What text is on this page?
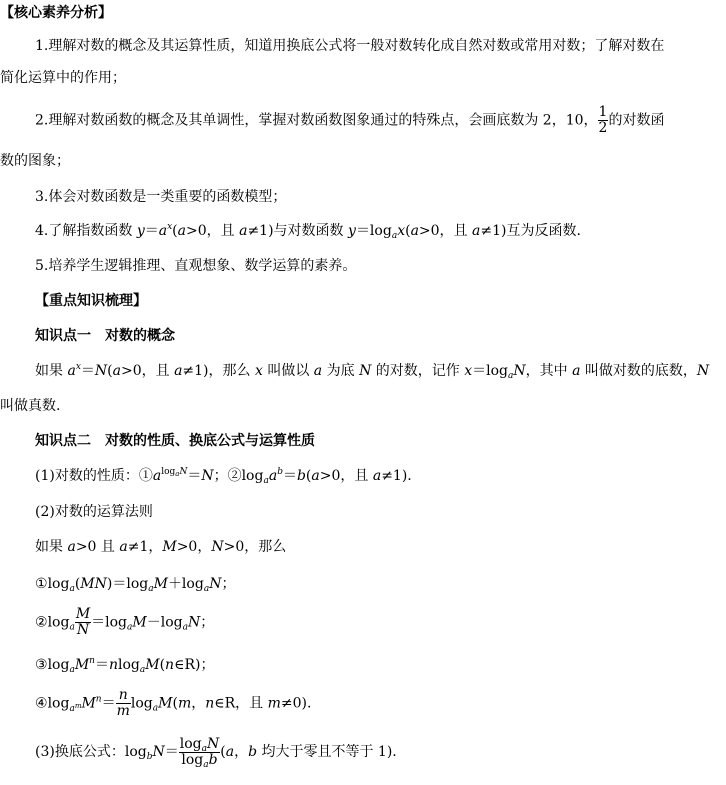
【核心素养分析】
1.理解对数的概念及其运算性质，知道用换底公式将一般对数转化成自然对数或常用对数；了解对数在
简化运算中的作用；
2.理解对数函数的概念及其单调性，掌握对数函数图象通过的特殊点，会画底数为 2，10， $\frac{1}{2}$ 的对数函
数的图象；
3.体会对数函数是一类重要的函数模型；
4.了解指数函数 $y=a^x(a>0$，且 a≠1)与对数函数 $y=\log_ax(a>0$，且 a≠1)互为反函数.
5.培养学生逻辑推理、直观想象、数学运算的素养。
【重点知识梳理】
知识点一　对数的概念
如果 $a^x=N(a>0$，且 a≠1)，那么 x 叫做以 a 为底 N 的对数，记作 $x=\log_aN$，其中 a 叫做对数的底数，N
叫做真数.
知识点二　对数的性质、换底公式与运算性质
(1)对数的性质：$①a^{log_aN}=N$；$②\log_aa^b=b(a>0$，且 a≠1).
(2)对数的运算法则
如果 a>0 且 a≠1，M>0，N>0，那么
$①\log_a(MN)=\log_aM+\log_aN$；
$②\log_a \frac{M}{N} =\log_aM-\log_aN$；
$③\log_aM^n=nlog_aM(n\in R)$；
$④\log_{a^m}M^n= \frac{n}{m} \log_aM(m$，n∈R，且 m≠0).
(3)换底公式：$\log_bN= \frac{\log_aN}{\log_ab} (a$，b 均大于零且不等于 1).
